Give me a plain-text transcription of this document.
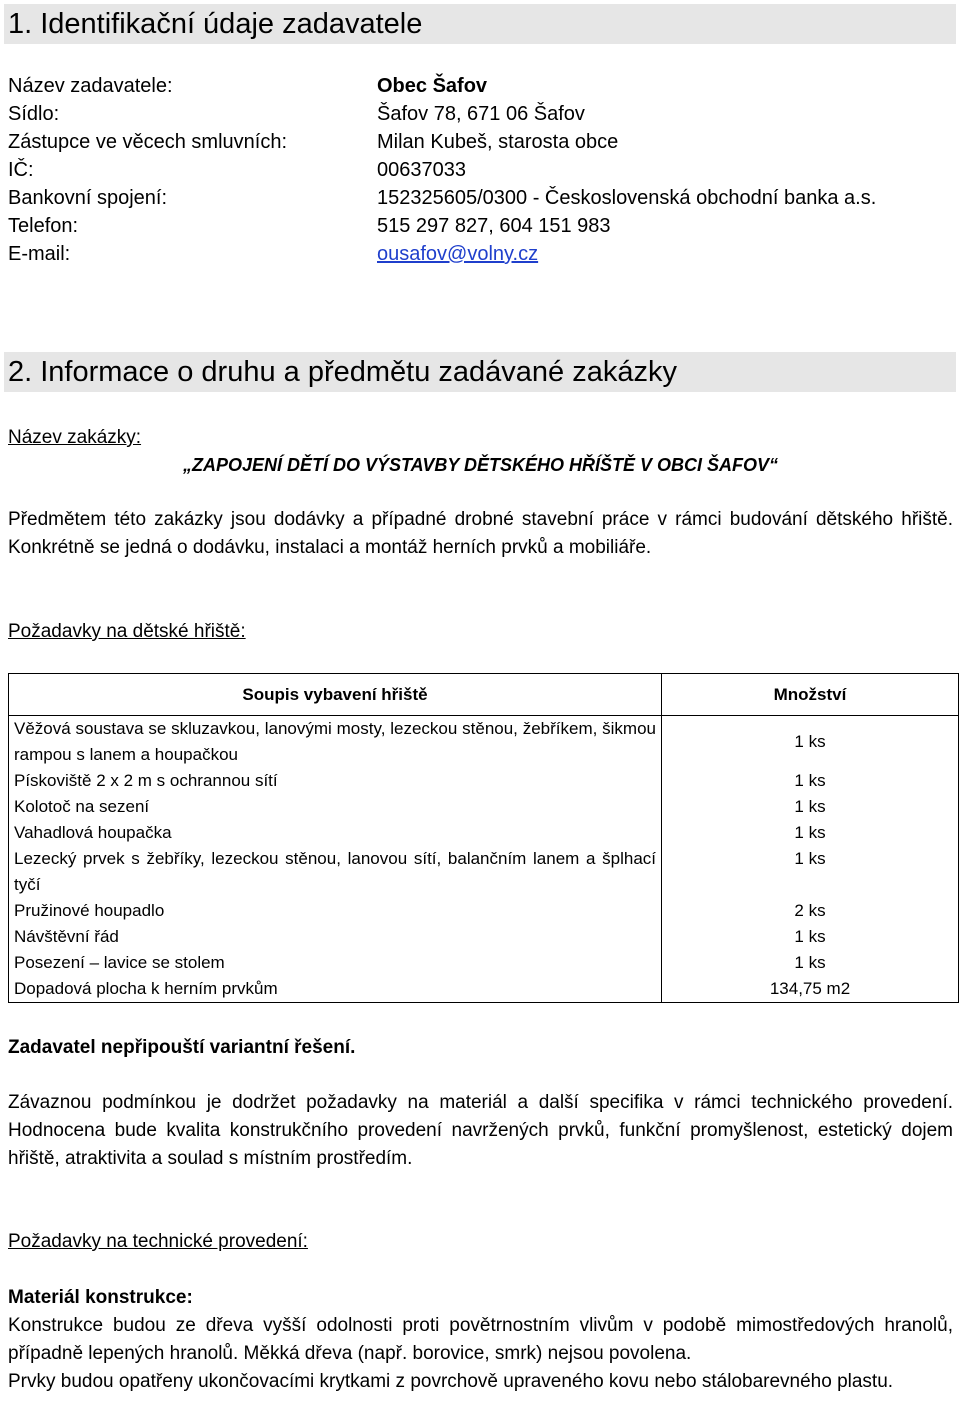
1. Identifikační údaje zadavatele
Název zadavatele:	Obec Šafov
Sídlo:	Šafov 78, 671 06 Šafov
Zástupce ve věcech smluvních:	Milan Kubeš, starosta obce
IČ:	00637033
Bankovní spojení:	152325605/0300 - Československá obchodní banka a.s.
Telefon:	515 297 827, 604 151 983
E-mail:	ousafov@volny.cz
2. Informace o druhu a předmětu zadávané zakázky
Název zakázky:
„ZAPOJENÍ DĚTÍ DO VÝSTAVBY DĚTSKÉHO HŘÍŠTĚ V OBCI ŠAFOV“
Předmětem této zakázky jsou dodávky a případné drobné stavební práce v rámci budování dětského hřiště. Konkrétně se jedná o dodávku, instalaci a montáž herních prvků a mobiliáře.
Požadavky na dětské hřiště:
Soupis vybavení hřiště	Množství
Věžová soustava se skluzavkou, lanovými mosty, lezeckou stěnou, žebříkem, šikmou rampou s lanem a houpačkou	1 ks
Pískoviště 2 x 2 m s ochrannou sítí	1 ks
Kolotoč na sezení	1 ks
Vahadlová houpačka	1 ks
Lezecký prvek s žebříky, lezeckou stěnou, lanovou sítí, balančním lanem a šplhací tyčí	1 ks
Pružinové houpadlo	2 ks
Návštěvní řád	1 ks
Posezení – lavice se stolem	1 ks
Dopadová plocha k herním prvkům	134,75 m2
Zadavatel nepřipouští variantní řešení.
Závaznou podmínkou je dodržet požadavky na materiál a další specifika v rámci technického provedení. Hodnocena bude kvalita konstrukčního provedení navržených prvků, funkční promyšlenost, estetický dojem hřiště, atraktivita a soulad s místním prostředím.
Požadavky na technické provedení:
Materiál konstrukce:
Konstrukce budou ze dřeva vyšší odolnosti proti povětrnostním vlivům v podobě mimostředových hranolů, případně lepených hranolů. Měkká dřeva (např. borovice, smrk) nejsou povolena.
Prvky budou opatřeny ukončovacími krytkami z povrchově upraveného kovu nebo stálobarevného plastu.
